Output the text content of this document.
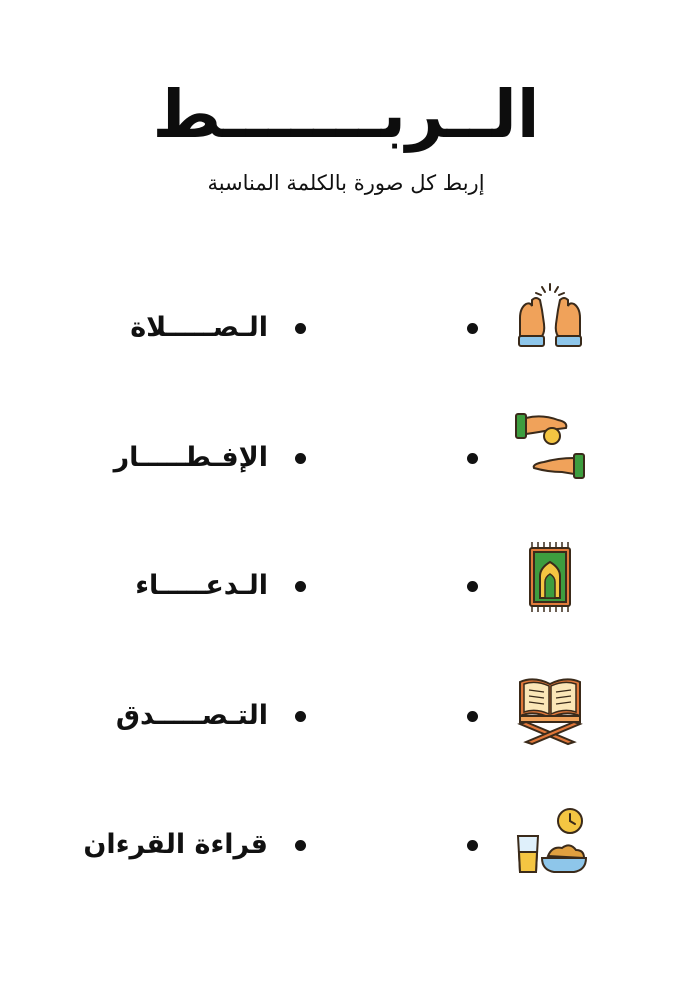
الــربـــــــط
إربط كل صورة بالكلمة المناسبة
الـصـــــلاة
الإفـطـــــار
الـدعـــــاء
التـصـــــدق
قراءة القرءان
